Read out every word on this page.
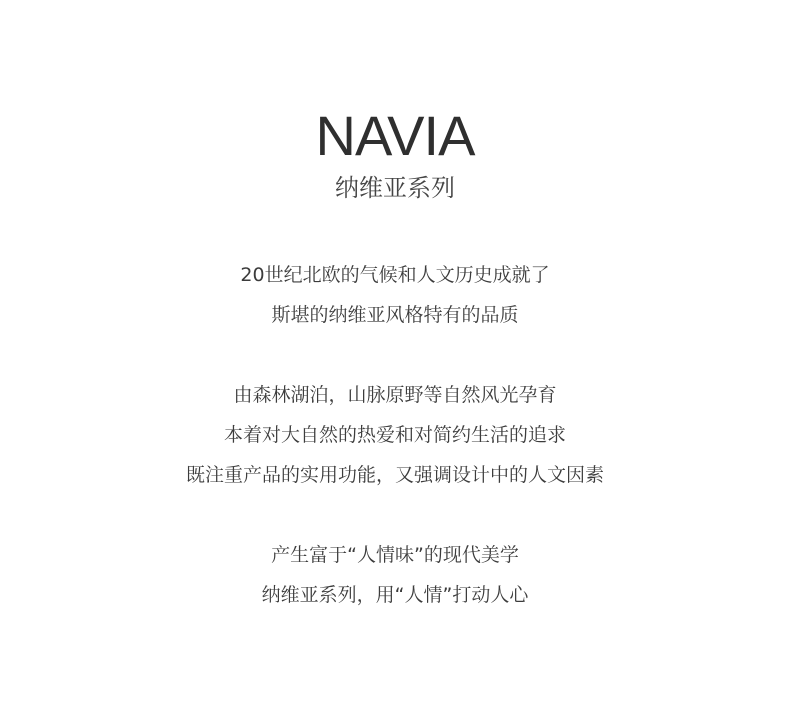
NAVIA
纳维亚系列
20世纪北欧的气候和人文历史成就了
斯堪的纳维亚风格特有的品质
由森林湖泊，山脉原野等自然风光孕育
本着对大自然的热爱和对简约生活的追求
既注重产品的实用功能，又强调设计中的人文因素
产生富于“人情味”的现代美学
纳维亚系列，用“人情”打动人心
